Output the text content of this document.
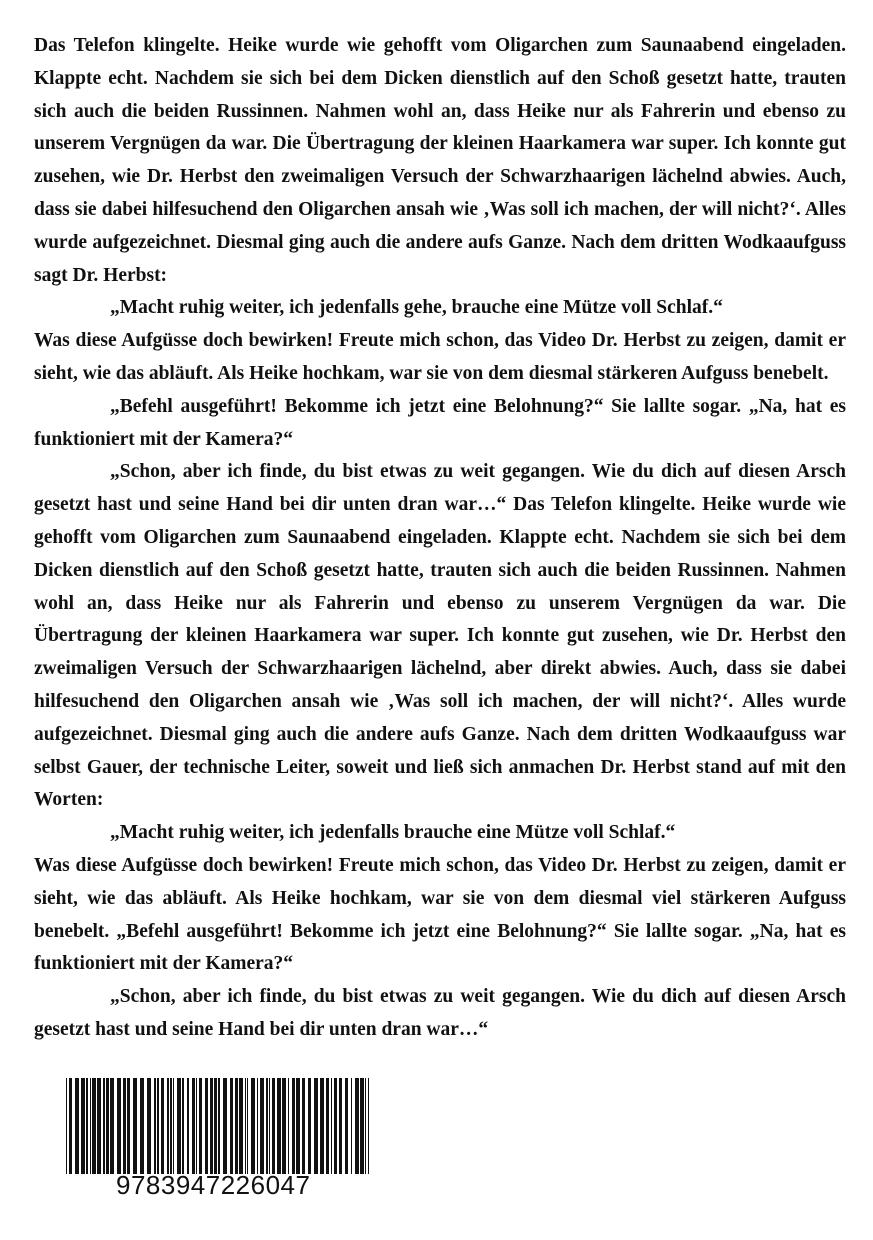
Das Telefon klingelte. Heike wurde wie gehofft vom Oligarchen zum Saunaabend eingeladen. Klappte echt. Nachdem sie sich bei dem Dicken dienstlich auf den Schoß gesetzt hatte, trauten sich auch die beiden Russinnen. Nahmen wohl an, dass Heike nur als Fahrerin und ebenso zu unserem Vergnügen da war. Die Übertragung der kleinen Haarkamera war super. Ich konnte gut zusehen, wie Dr. Herbst den zweimaligen Versuch der Schwarzhaarigen lächelnd abwies. Auch, dass sie dabei hilfesuchend den Oligarchen ansah wie ‚Was soll ich machen, der will nicht?‘. Alles wurde aufgezeichnet. Diesmal ging auch die andere aufs Ganze. Nach dem dritten Wodkaaufguss sagt Dr. Herbst:

„Macht ruhig weiter, ich jedenfalls gehe, brauche eine Mütze voll Schlaf.“

Was diese Aufgüsse doch bewirken! Freute mich schon, das Video Dr. Herbst zu zeigen, damit er sieht, wie das abläuft. Als Heike hochkam, war sie von dem diesmal stärkeren Aufguss benebelt.

„Befehl ausgeführt! Bekomme ich jetzt eine Belohnung?“ Sie lallte sogar. „Na, hat es funktioniert mit der Kamera?“

„Schon, aber ich finde, du bist etwas zu weit gegangen. Wie du dich auf diesen Arsch gesetzt hast und seine Hand bei dir unten dran war…“ Das Telefon klingelte. Heike wurde wie gehofft vom Oligarchen zum Saunaabend eingeladen. Klappte echt. Nachdem sie sich bei dem Dicken dienstlich auf den Schoß gesetzt hatte, trauten sich auch die beiden Russinnen. Nahmen wohl an, dass Heike nur als Fahrerin und ebenso zu unserem Vergnügen da war. Die Übertragung der kleinen Haarkamera war super. Ich konnte gut zusehen, wie Dr. Herbst den zweimaligen Versuch der Schwarzhaarigen lächelnd, aber direkt abwies. Auch, dass sie dabei hilfesuchend den Oligarchen ansah wie ‚Was soll ich machen, der will nicht?‘. Alles wurde aufgezeichnet. Diesmal ging auch die andere aufs Ganze. Nach dem dritten Wodkaaufguss war selbst Gauer, der technische Leiter, soweit und ließ sich anmachen Dr. Herbst stand auf mit den Worten:

„Macht ruhig weiter, ich jedenfalls brauche eine Mütze voll Schlaf.“

Was diese Aufgüsse doch bewirken! Freute mich schon, das Video Dr. Herbst zu zeigen, damit er sieht, wie das abläuft. Als Heike hochkam, war sie von dem diesmal viel stärkeren Aufguss benebelt. „Befehl ausgeführt! Bekomme ich jetzt eine Belohnung?“ Sie lallte sogar. „Na, hat es funktioniert mit der Kamera?“

„Schon, aber ich finde, du bist etwas zu weit gegangen. Wie du dich auf diesen Arsch gesetzt hast und seine Hand bei dir unten dran war…“

9783947226047
